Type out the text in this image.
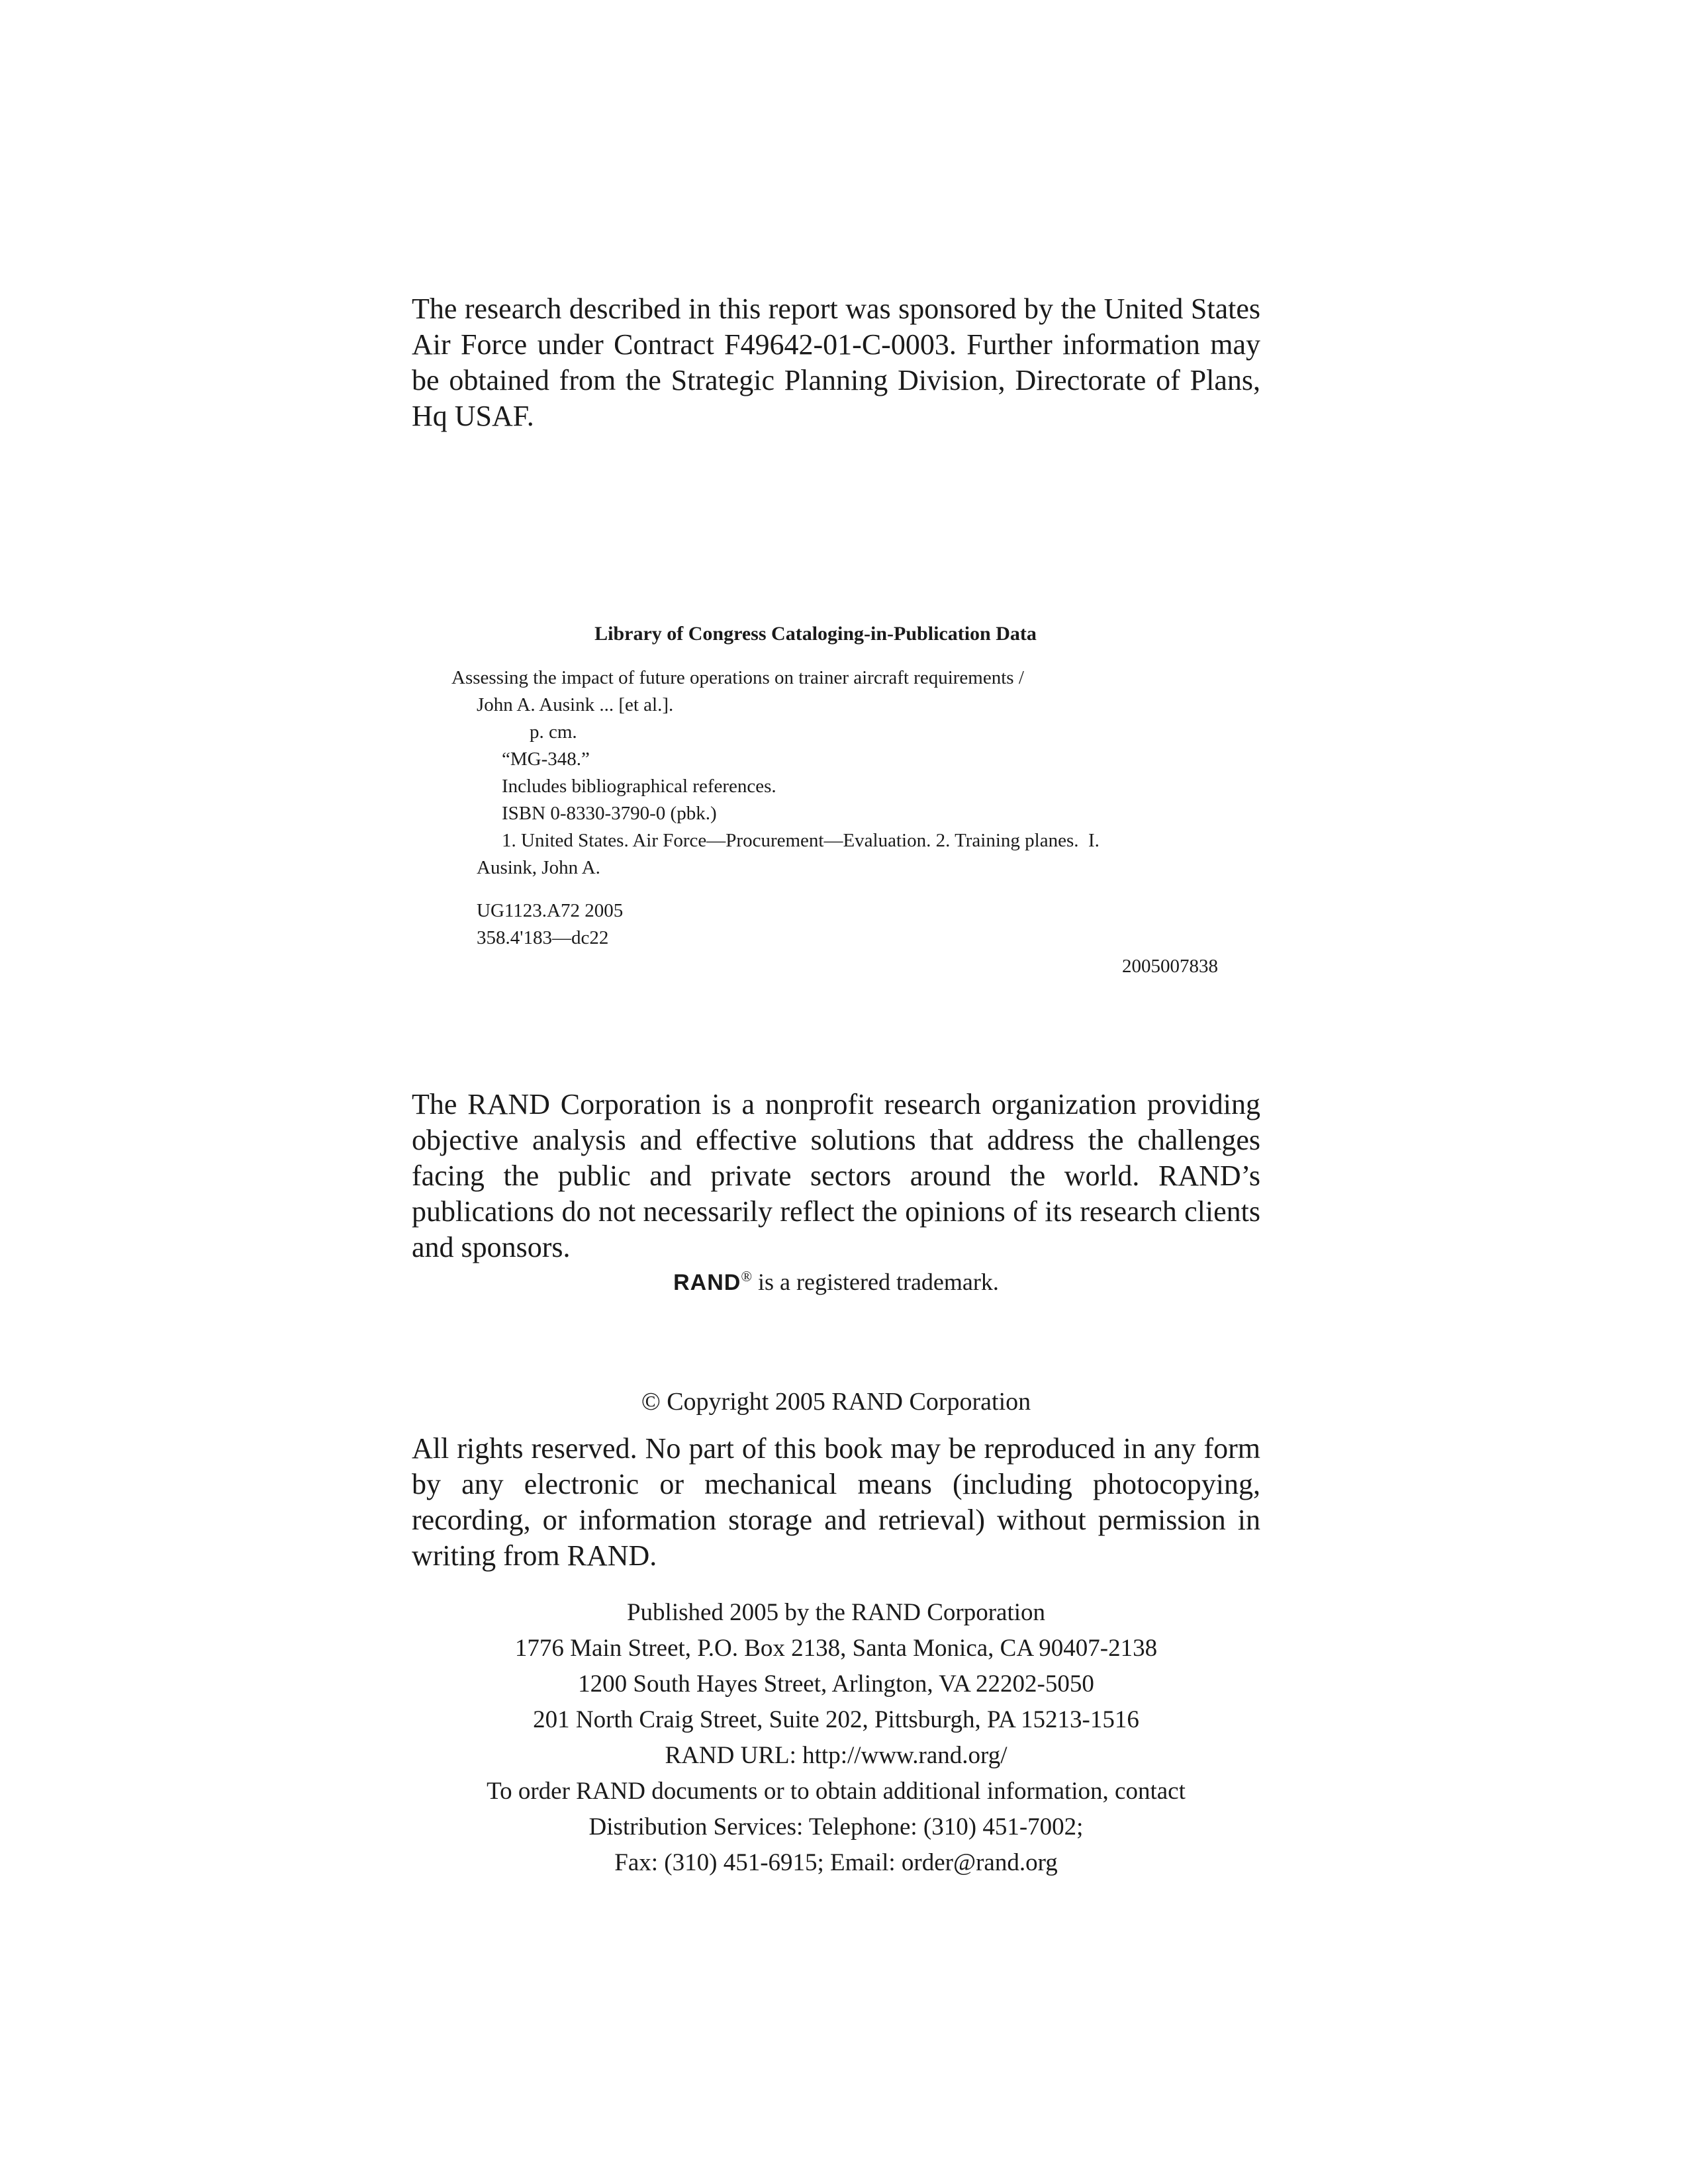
The research described in this report was sponsored by the United States Air Force under Contract F49642-01-C-0003. Further information may be obtained from the Strategic Planning Division, Directorate of Plans, Hq USAF.

Library of Congress Cataloging-in-Publication Data
Assessing the impact of future operations on trainer aircraft requirements /
John A. Ausink ... [et al.].
p. cm.
“MG-348.”
Includes bibliographical references.
ISBN 0-8330-3790-0 (pbk.)
1. United States. Air Force—Procurement—Evaluation. 2. Training planes.  I.
Ausink, John A.
UG1123.A72 2005
358.4'183—dc22
2005007838

The RAND Corporation is a nonprofit research organization providing objective analysis and effective solutions that address the challenges facing the public and private sectors around the world. RAND’s publications do not necessarily reflect the opinions of its research clients and sponsors.

RAND® is a registered trademark.
© Copyright 2005 RAND Corporation

All rights reserved. No part of this book may be reproduced in any form by any electronic or mechanical means (including photocopying, recording, or information storage and retrieval) without permission in writing from RAND.

Published 2005 by the RAND Corporation
1776 Main Street, P.O. Box 2138, Santa Monica, CA 90407-2138
1200 South Hayes Street, Arlington, VA 22202-5050
201 North Craig Street, Suite 202, Pittsburgh, PA 15213-1516
RAND URL: http://www.rand.org/
To order RAND documents or to obtain additional information, contact
Distribution Services: Telephone: (310) 451-7002;
Fax: (310) 451-6915; Email: order@rand.org
